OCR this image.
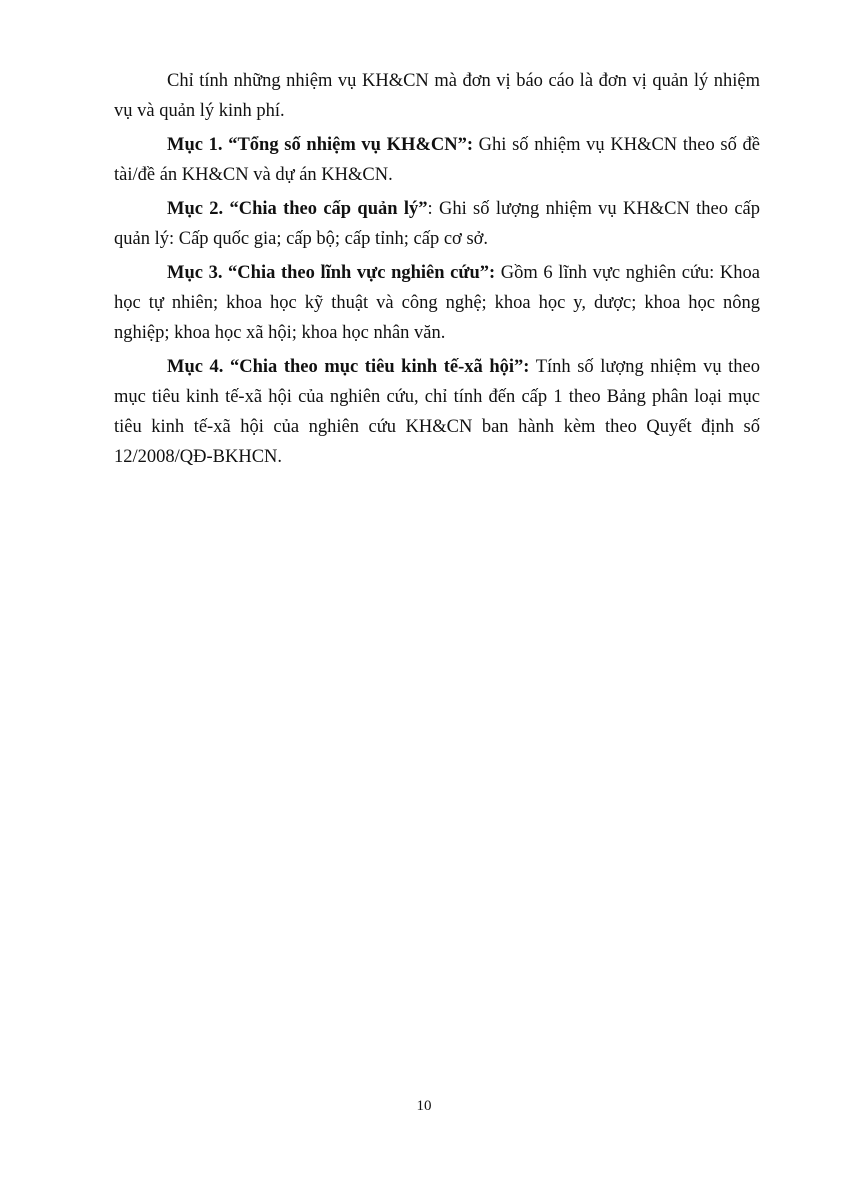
Chỉ tính những nhiệm vụ KH&CN mà đơn vị báo cáo là đơn vị quản lý nhiệm vụ và quản lý kinh phí.

Mục 1. “Tổng số nhiệm vụ KH&CN”: Ghi số nhiệm vụ KH&CN theo số đề tài/đề án KH&CN và dự án KH&CN.

Mục 2. “Chia theo cấp quản lý”: Ghi số lượng nhiệm vụ KH&CN theo cấp quản lý: Cấp quốc gia; cấp bộ; cấp tỉnh; cấp cơ sở.

Mục 3. “Chia theo lĩnh vực nghiên cứu”: Gồm 6 lĩnh vực nghiên cứu: Khoa học tự nhiên; khoa học kỹ thuật và công nghệ; khoa học y, dược; khoa học nông nghiệp; khoa học xã hội; khoa học nhân văn.

Mục 4. “Chia theo mục tiêu kinh tế-xã hội”: Tính số lượng nhiệm vụ theo mục tiêu kinh tế-xã hội của nghiên cứu, chỉ tính đến cấp 1 theo Bảng phân loại mục tiêu kinh tế-xã hội của nghiên cứu KH&CN ban hành kèm theo Quyết định số 12/2008/QĐ-BKHCN.

10
